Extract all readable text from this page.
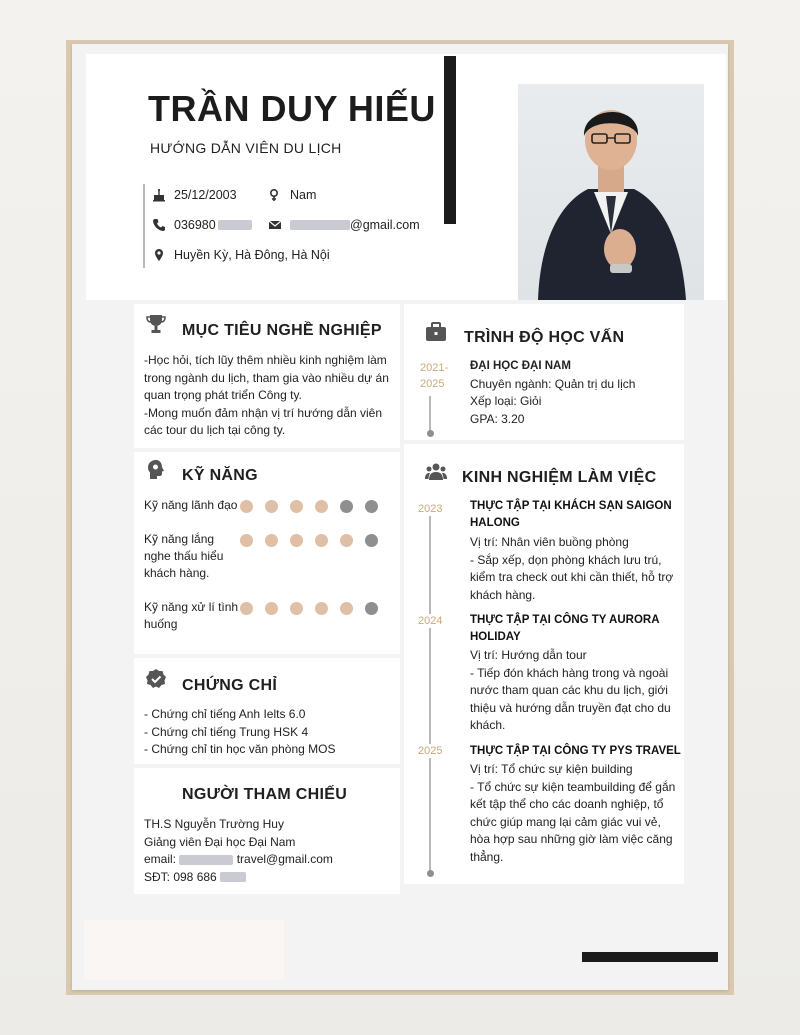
TRẦN DUY HIẾU
HƯỚNG DẪN VIÊN DU LỊCH
25/12/2003	Nam
036980	@gmail.com
Huyền Kỳ, Hà Đông, Hà Nội
MỤC TIÊU NGHỀ NGHIỆP
-Học hỏi, tích lũy thêm nhiều kinh nghiệm làm
trong ngành du lịch, tham gia vào nhiều dự án
quan trọng phát triển Công ty.
-Mong muốn đảm nhận vị trí hướng dẫn viên
các tour du lịch tại công ty.
KỸ NĂNG
Kỹ năng lãnh đạo
Kỹ năng lắng nghe thấu hiểu khách hàng.
Kỹ năng xử lí tình huống
CHỨNG CHỈ
- Chứng chỉ tiếng Anh Ielts 6.0
- Chứng chỉ tiếng Trung HSK 4
- Chứng chỉ tin học văn phòng MOS
NGƯỜI THAM CHIẾU
TH.S Nguyễn Trường Huy
Giảng viên Đại học Đại Nam
email:	travel@gmail.com
SĐT: 098 686
TRÌNH ĐỘ HỌC VẤN
2021-
2025
ĐẠI HỌC ĐẠI NAM
Chuyên ngành: Quản trị du lịch
Xếp loại: Giỏi
GPA: 3.20
KINH NGHIỆM LÀM VIỆC
2023 THỰC TẬP TẠI KHÁCH SẠN SAIGON
HALONG
Vị trí: Nhân viên buồng phòng
- Sắp xếp, dọn phòng khách lưu trú,
kiểm tra check out khi cần thiết, hỗ trợ
khách hàng.
2024 THỰC TẬP TẠI CÔNG TY AURORA
HOLIDAY
Vị trí: Hướng dẫn tour
- Tiếp đón khách hàng trong và ngoài
nước tham quan các khu du lịch, giới
thiệu và hướng dẫn truyền đạt cho du
khách.
2025 THỰC TẬP TẠI CÔNG TY PYS TRAVEL
Vị trí: Tổ chức sự kiện building
- Tổ chức sự kiện teambuilding để gắn
kết tập thể cho các doanh nghiệp, tổ
chức giúp mang lại cảm giác vui vẻ,
hòa hợp sau những giờ làm việc căng
thẳng.
